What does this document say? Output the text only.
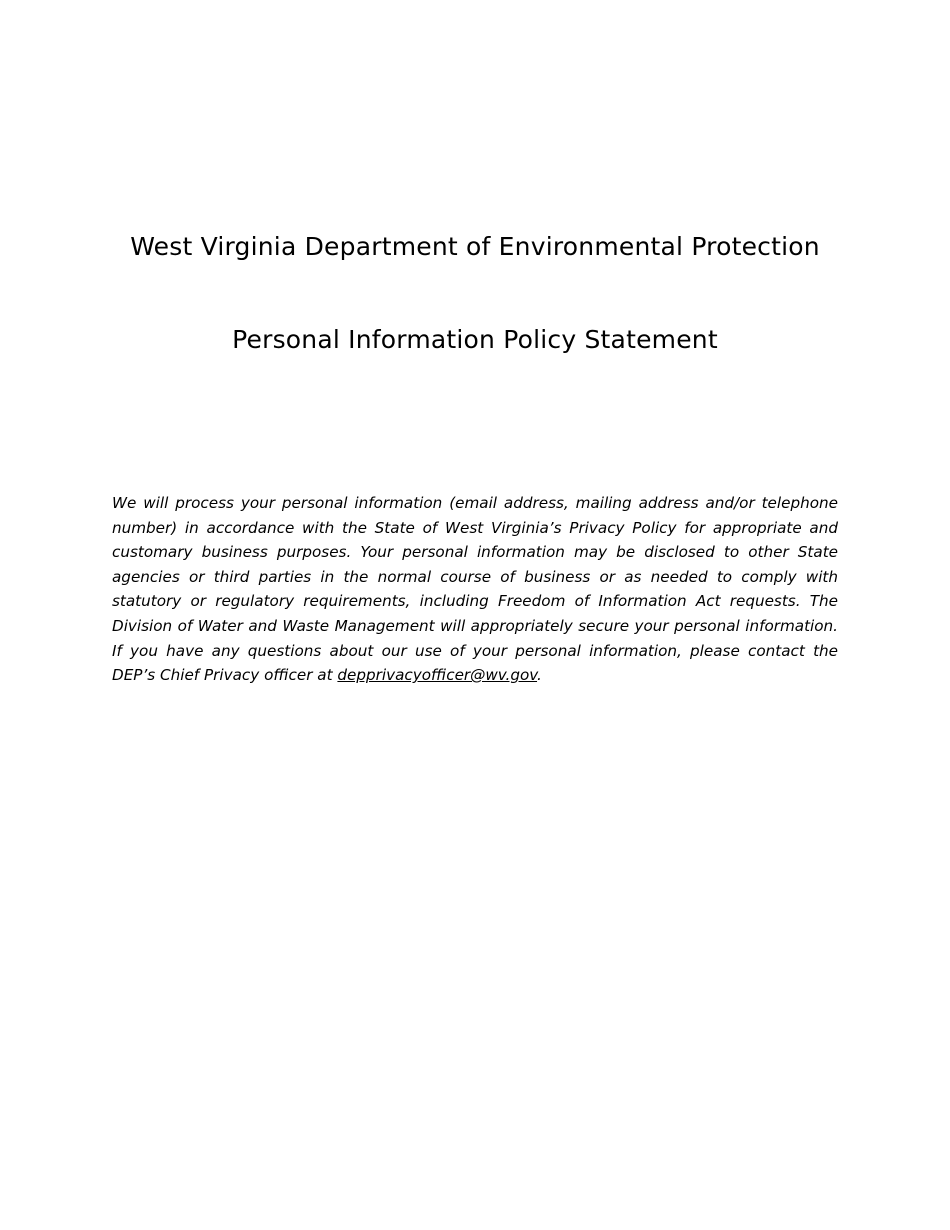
West Virginia Department of Environmental Protection
Personal Information Policy Statement

We will process your personal information (email address, mailing address and/or telephone number) in accordance with the State of West Virginia’s Privacy Policy for appropriate and customary business purposes. Your personal information may be disclosed to other State agencies or third parties in the normal course of business or as needed to comply with statutory or regulatory requirements, including Freedom of Information Act requests. The Division of Water and Waste Management will appropriately secure your personal information. If you have any questions about our use of your personal information, please contact the DEP’s Chief Privacy officer at depprivacyofficer@wv.gov.
